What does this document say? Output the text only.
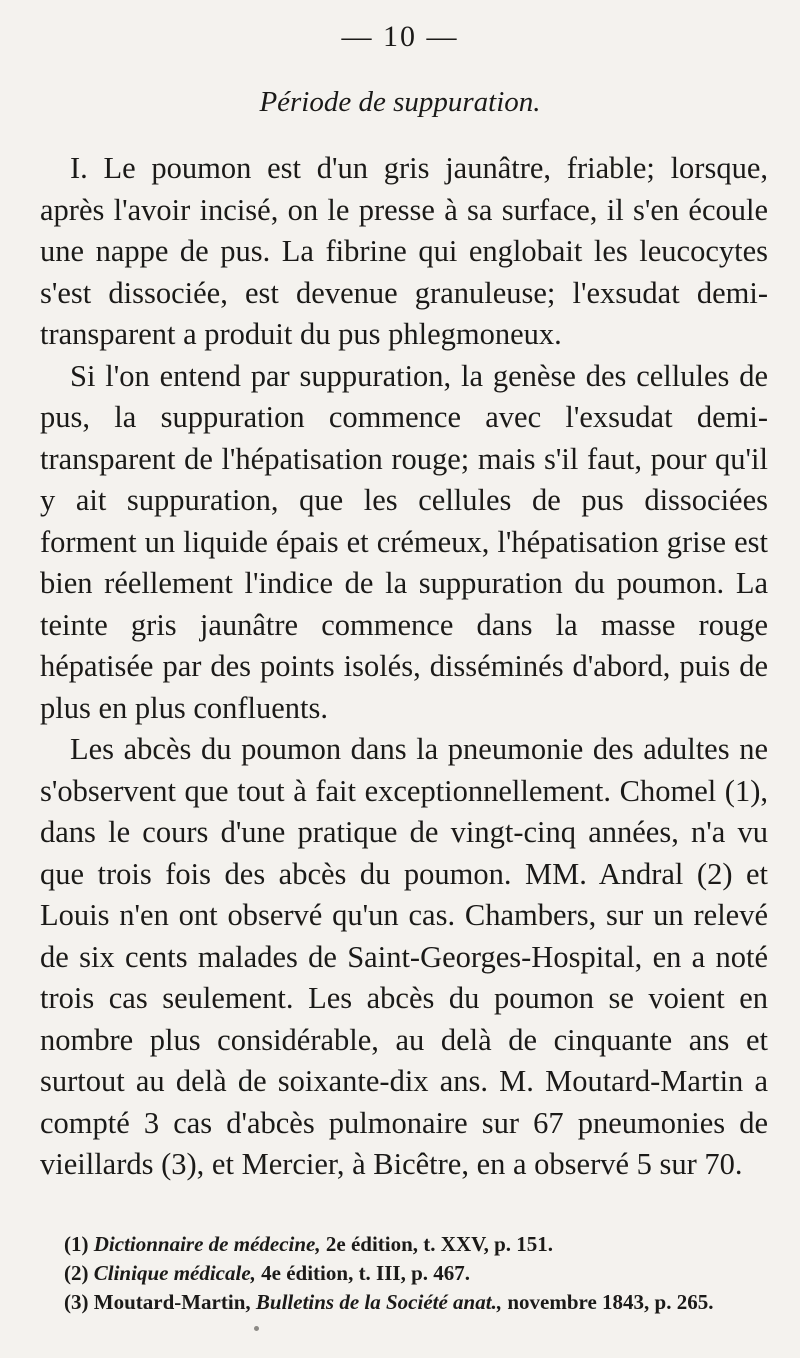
— 10 —
Période de suppuration.

I. Le poumon est d'un gris jaunâtre, friable; lorsque, après l'avoir incisé, on le presse à sa surface, il s'en écoule une nappe de pus. La fibrine qui englobait les leucocytes s'est dissociée, est devenue granuleuse; l'exsudat demi-transparent a produit du pus phlegmoneux.

Si l'on entend par suppuration, la genèse des cellules de pus, la suppuration commence avec l'exsudat demi-transparent de l'hépatisation rouge; mais s'il faut, pour qu'il y ait suppuration, que les cellules de pus dissociées forment un liquide épais et crémeux, l'hépatisation grise est bien réellement l'indice de la suppuration du poumon. La teinte gris jaunâtre commence dans la masse rouge hépatisée par des points isolés, disséminés d'abord, puis de plus en plus confluents.

Les abcès du poumon dans la pneumonie des adultes ne s'observent que tout à fait exceptionnellement. Chomel (1), dans le cours d'une pratique de vingt-cinq années, n'a vu que trois fois des abcès du poumon. MM. Andral (2) et Louis n'en ont observé qu'un cas. Chambers, sur un relevé de six cents malades de Saint-Georges-Hospital, en a noté trois cas seulement. Les abcès du poumon se voient en nombre plus considérable, au delà de cinquante ans et surtout au delà de soixante-dix ans. M. Moutard-Martin a compté 3 cas d'abcès pulmonaire sur 67 pneumonies de vieillards (3), et Mercier, à Bicêtre, en a observé 5 sur 70.

(1) Dictionnaire de médecine, 2e édition, t. XXV, p. 151.
(2) Clinique médicale, 4e édition, t. III, p. 467.
(3) Moutard-Martin, Bulletins de la Société anat., novembre 1843, p. 265.
